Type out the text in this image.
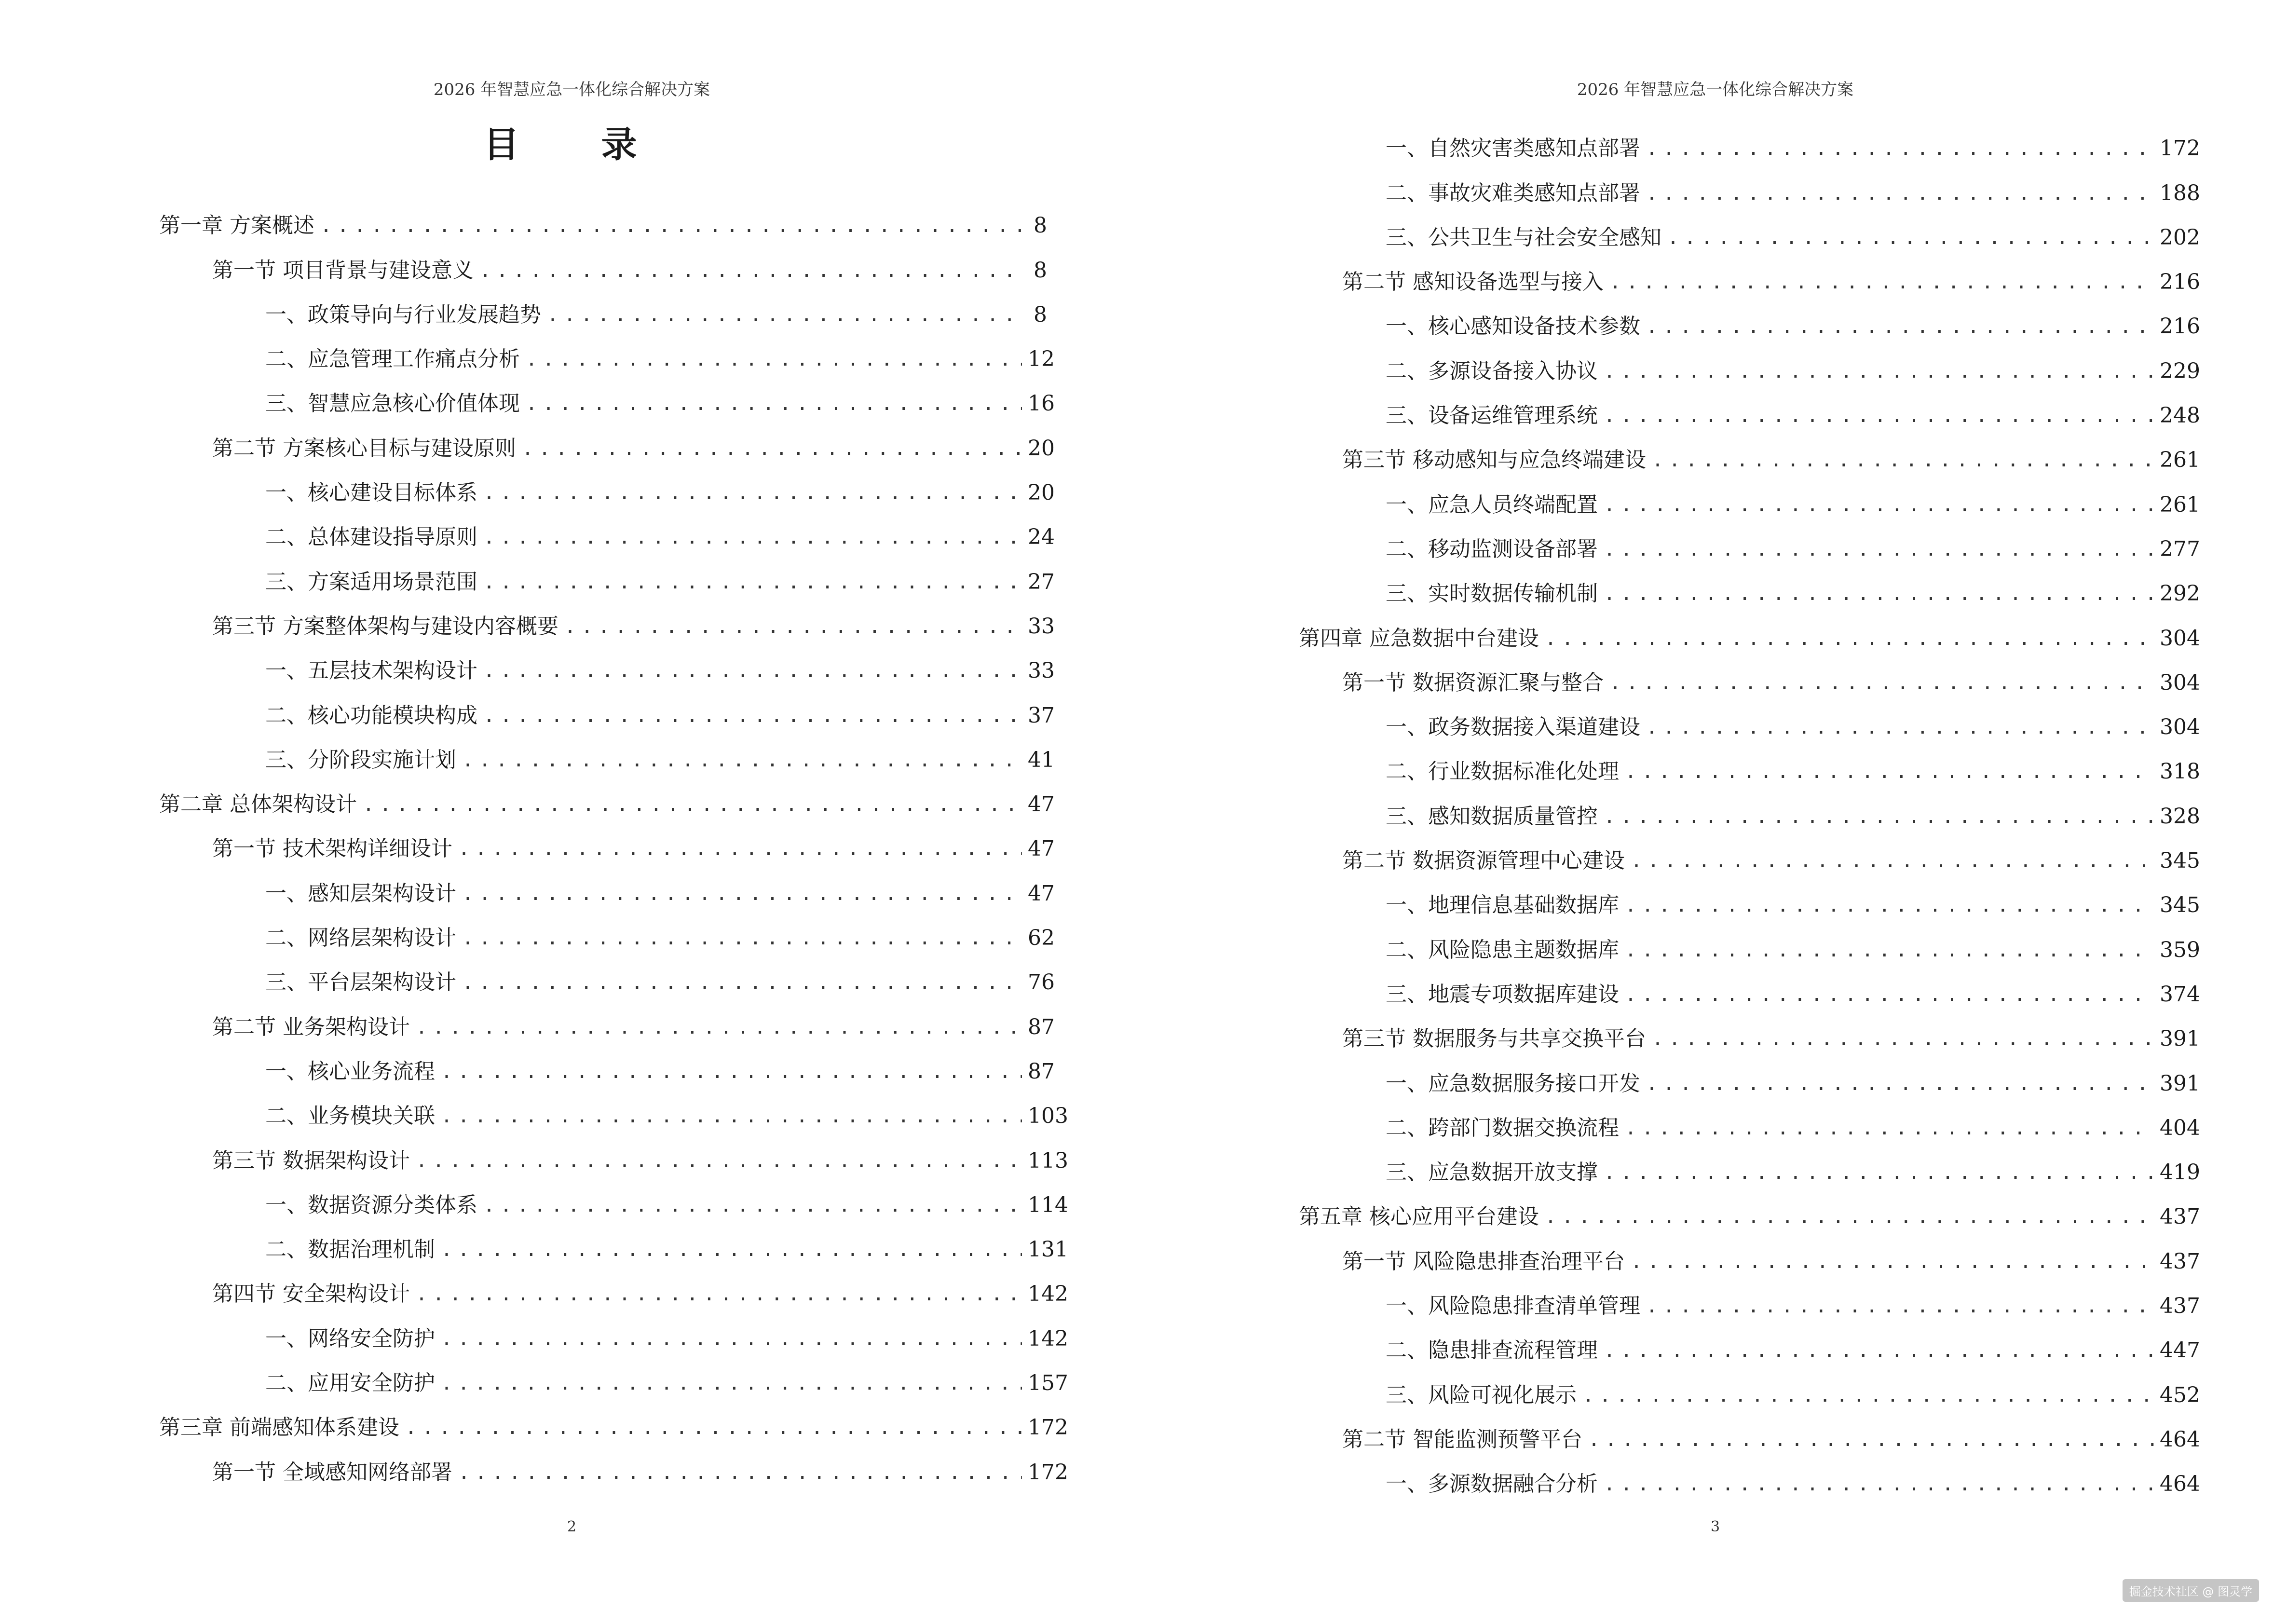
2026 年智慧应急一体化综合解决方案
目　录
第一章 方案概述 .....	8
第一节 项目背景与建设意义 .....	8
一、政策导向与行业发展趋势 .....	8
二、应急管理工作痛点分析 .....	12
三、智慧应急核心价值体现 .....	16
第二节 方案核心目标与建设原则 .....	20
一、核心建设目标体系 .....	20
二、总体建设指导原则 .....	24
三、方案适用场景范围 .....	27
第三节 方案整体架构与建设内容概要 .....	33
一、五层技术架构设计 .....	33
二、核心功能模块构成 .....	37
三、分阶段实施计划 .....	41
第二章 总体架构设计 .....	47
第一节 技术架构详细设计 .....	47
一、感知层架构设计 .....	47
二、网络层架构设计 .....	62
三、平台层架构设计 .....	76
第二节 业务架构设计 .....	87
一、核心业务流程 .....	87
二、业务模块关联 .....	103
第三节 数据架构设计 .....	113
一、数据资源分类体系 .....	114
二、数据治理机制 .....	131
第四节 安全架构设计 .....	142
一、网络安全防护 .....	142
二、应用安全防护 .....	157
第三章 前端感知体系建设 .....	172
第一节 全域感知网络部署 .....	172
2
2026 年智慧应急一体化综合解决方案
一、自然灾害类感知点部署 .....	172
二、事故灾难类感知点部署 .....	188
三、公共卫生与社会安全感知 .....	202
第二节 感知设备选型与接入 .....	216
一、核心感知设备技术参数 .....	216
二、多源设备接入协议 .....	229
三、设备运维管理系统 .....	248
第三节 移动感知与应急终端建设 .....	261
一、应急人员终端配置 .....	261
二、移动监测设备部署 .....	277
三、实时数据传输机制 .....	292
第四章 应急数据中台建设 .....	304
第一节 数据资源汇聚与整合 .....	304
一、政务数据接入渠道建设 .....	304
二、行业数据标准化处理 .....	318
三、感知数据质量管控 .....	328
第二节 数据资源管理中心建设 .....	345
一、地理信息基础数据库 .....	345
二、风险隐患主题数据库 .....	359
三、地震专项数据库建设 .....	374
第三节 数据服务与共享交换平台 .....	391
一、应急数据服务接口开发 .....	391
二、跨部门数据交换流程 .....	404
三、应急数据开放支撑 .....	419
第五章 核心应用平台建设 .....	437
第一节 风险隐患排查治理平台 .....	437
一、风险隐患排查清单管理 .....	437
二、隐患排查流程管理 .....	447
三、风险可视化展示 .....	452
第二节 智能监测预警平台 .....	464
一、多源数据融合分析 .....	464
3
掘金技术社区 @ 图灵学
